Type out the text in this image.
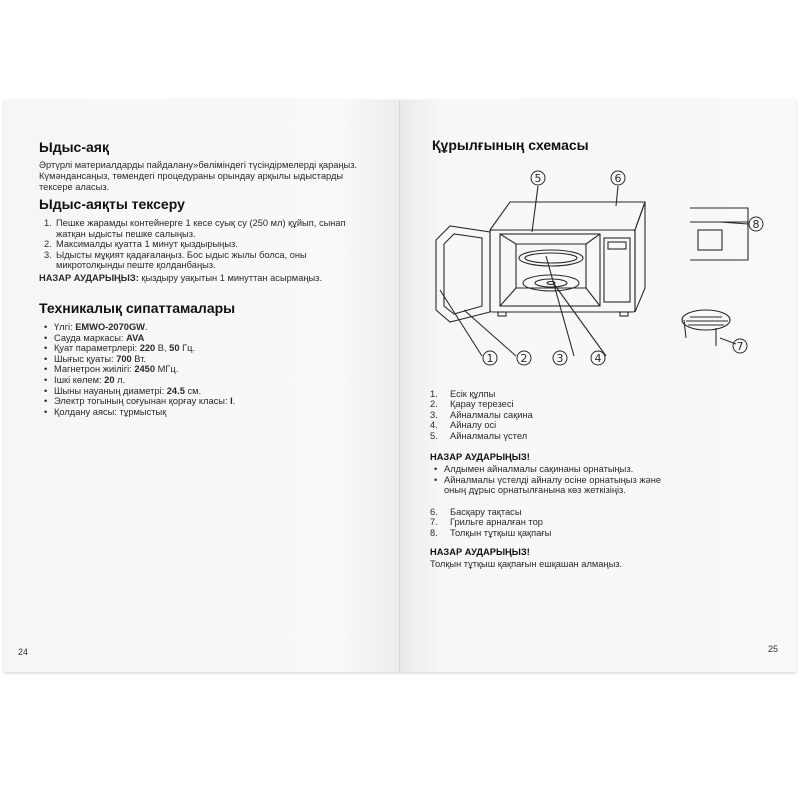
Ыдыс-аяқ
Әртүрлі материалдарды пайдалану»бөліміндегі түсіндірмелерді қараңыз. Күмәндансаңыз, төмендегі процедураны орындау арқылы ыдыстарды тексере аласыз.
Ыдыс-аяқты тексеру
1. Пешке жарамды контейнерге 1 кесе суық су (250 мл) құйып, сынап жатқан ыдысты пешке салыңыз.
2. Максималды қуатта 1 минут қыздырыңыз.
3. Ыдысты мұқият қадағалаңыз. Бос ыдыс жылы болса, оны микротолқынды пеште қолданбаңыз.
НАЗАР АУДАРЫҢЫЗ: қыздыру уақытын 1 минуттан асырмаңыз.
Техникалық сипаттамалары
• Үлгі: EMWO-2070GW.
• Сауда маркасы: AVA
• Қуат параметрлері: 220 В, 50 Гц.
• Шығыс қуаты: 700 Вт.
• Магнетрон жиілігі: 2450 МГц.
• Ішкі көлем: 20 л.
• Шыны науаның диаметрі: 24.5 см.
• Электр тогының соғуынан қорғау класы: I.
• Қолдану аясы: тұрмыстық
24
Құрылғының схемасы
1 2	3	4
5	6
7
8
1. Есік құлпы
2. Қарау терезесі
3. Айналмалы сақина
4. Айналу осі
5. Айналмалы үстел
НАЗАР АУДАРЫҢЫЗ!
• Алдымен айналмалы сақинаны орнатыңыз.
• Айналмалы үстелді айналу осіне орнатыңыз және оның дұрыс орнатылғанына көз жеткізіңіз.
6. Басқару тақтасы
7. Грильге арналған тор
8. Толқын тұтқыш қақпағы
НАЗАР АУДАРЫҢЫЗ!
Толқын тұтқыш қақпағын ешқашан алмаңыз.
25
